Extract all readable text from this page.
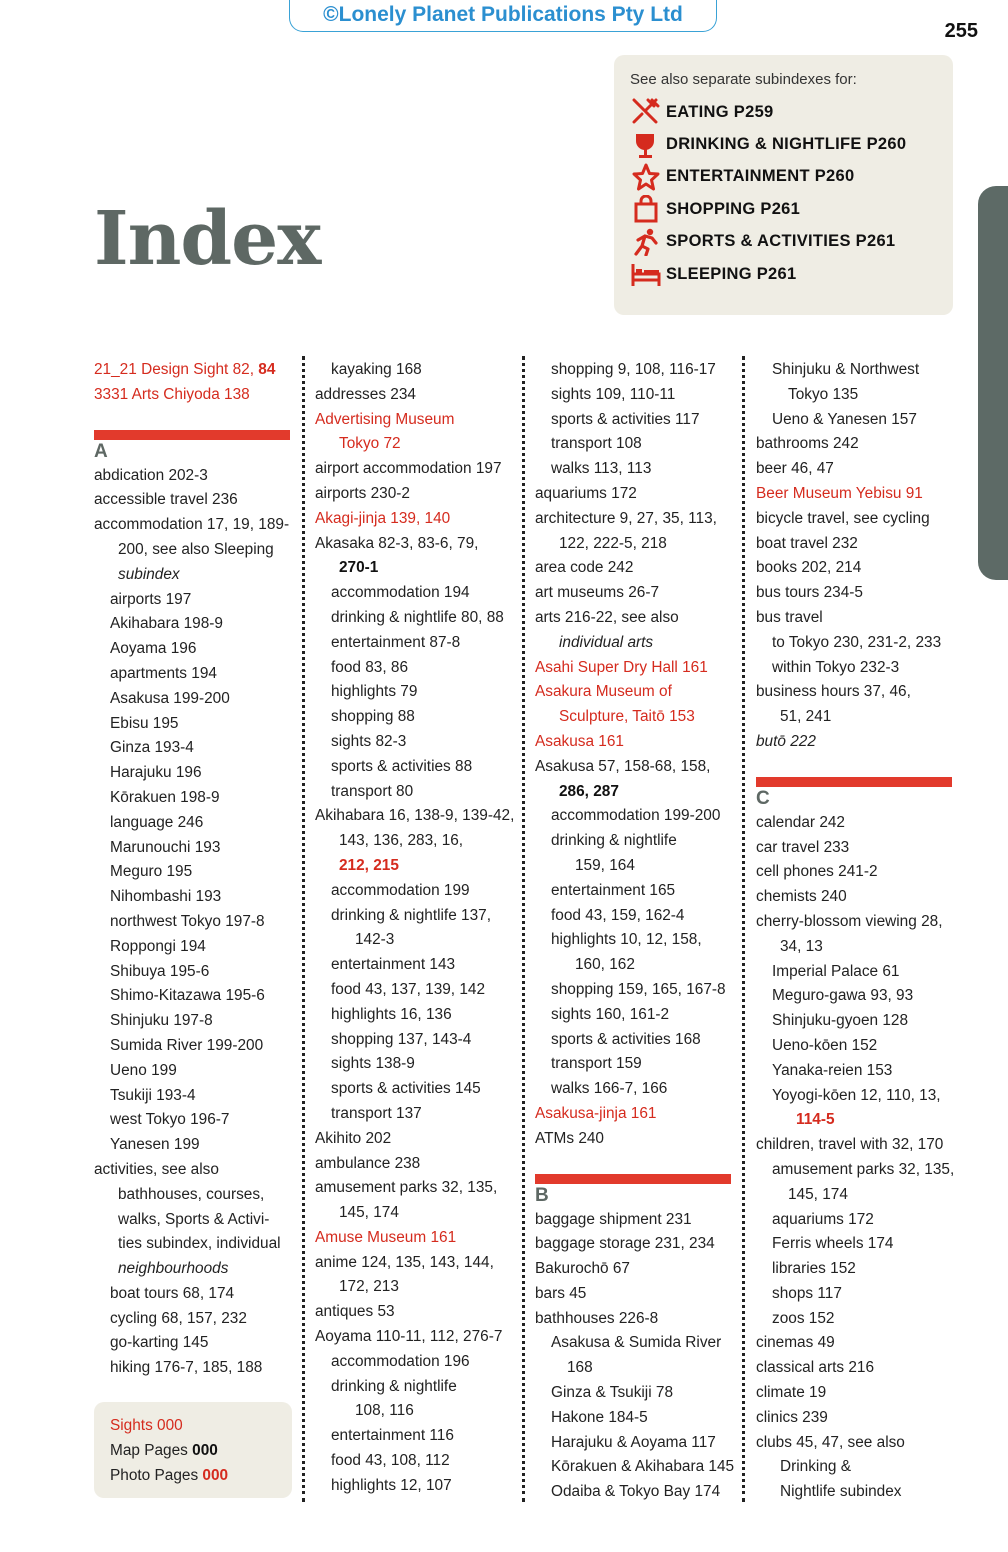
©Lonely Planet Publications Pty Ltd
255
Index
See also separate subindexes for:
EATING P259
DRINKING & NIGHTLIFE P260
ENTERTAINMENT P260
SHOPPING P261
SPORTS & ACTIVITIES P261
SLEEPING P261
21_21 Design Sight 82, 84
3331 Arts Chiyoda 138
A
abdication 202-3
accessible travel 236
accommodation 17, 19, 189-
200, see also Sleeping
subindex
airports 197
Akihabara 198-9
Aoyama 196
apartments 194
Asakusa 199-200
Ebisu 195
Ginza 193-4
Harajuku 196
Kōrakuen 198-9
language 246
Marunouchi 193
Meguro 195
Nihombashi 193
northwest Tokyo 197-8
Roppongi 194
Shibuya 195-6
Shimo-Kitazawa 195-6
Shinjuku 197-8
Sumida River 199-200
Ueno 199
Tsukiji 193-4
west Tokyo 196-7
Yanesen 199
activities, see also
bathhouses, courses,
walks, Sports & Activi-
ties subindex, individual
neighbourhoods
boat tours 68, 174
cycling 68, 157, 232
go-karting 145
hiking 176-7, 185, 188
Sights 000
Map Pages 000
Photo Pages 000
kayaking 168
addresses 234
Advertising Museum
Tokyo 72
airport accommodation 197
airports 230-2
Akagi-jinja 139, 140
Akasaka 82-3, 83-6, 79,
270-1
accommodation 194
drinking & nightlife 80, 88
entertainment 87-8
food 83, 86
highlights 79
shopping 88
sights 82-3
sports & activities 88
transport 80
Akihabara 16, 138-9, 139-42,
143, 136, 283, 16,
212, 215
accommodation 199
drinking & nightlife 137,
142-3
entertainment 143
food 43, 137, 139, 142
highlights 16, 136
shopping 137, 143-4
sights 138-9
sports & activities 145
transport 137
Akihito 202
ambulance 238
amusement parks 32, 135,
145, 174
Amuse Museum 161
anime 124, 135, 143, 144,
172, 213
antiques 53
Aoyama 110-11, 112, 276-7
accommodation 196
drinking & nightlife
108, 116
entertainment 116
food 43, 108, 112
highlights 12, 107
shopping 9, 108, 116-17
sights 109, 110-11
sports & activities 117
transport 108
walks 113, 113
aquariums 172
architecture 9, 27, 35, 113,
122, 222-5, 218
area code 242
art museums 26-7
arts 216-22, see also
individual arts
Asahi Super Dry Hall 161
Asakura Museum of
Sculpture, Taitō 153
Asakusa 161
Asakusa 57, 158-68, 158,
286, 287
accommodation 199-200
drinking & nightlife
159, 164
entertainment 165
food 43, 159, 162-4
highlights 10, 12, 158,
160, 162
shopping 159, 165, 167-8
sights 160, 161-2
sports & activities 168
transport 159
walks 166-7, 166
Asakusa-jinja 161
ATMs 240
B
baggage shipment 231
baggage storage 231, 234
Bakurochō 67
bars 45
bathhouses 226-8
Asakusa & Sumida River
168
Ginza & Tsukiji 78
Hakone 184-5
Harajuku & Aoyama 117
Kōrakuen & Akihabara 145
Odaiba & Tokyo Bay 174
Shinjuku & Northwest
Tokyo 135
Ueno & Yanesen 157
bathrooms 242
beer 46, 47
Beer Museum Yebisu 91
bicycle travel, see cycling
boat travel 232
books 202, 214
bus tours 234-5
bus travel
to Tokyo 230, 231-2, 233
within Tokyo 232-3
business hours 37, 46,
51, 241
butō 222
C
calendar 242
car travel 233
cell phones 241-2
chemists 240
cherry-blossom viewing 28,
34, 13
Imperial Palace 61
Meguro-gawa 93, 93
Shinjuku-gyoen 128
Ueno-kōen 152
Yanaka-reien 153
Yoyogi-kōen 12, 110, 13,
114-5
children, travel with 32, 170
amusement parks 32, 135,
145, 174
aquariums 172
Ferris wheels 174
libraries 152
shops 117
zoos 152
cinemas 49
classical arts 216
climate 19
clinics 239
clubs 45, 47, see also
Drinking &
Nightlife subindex
